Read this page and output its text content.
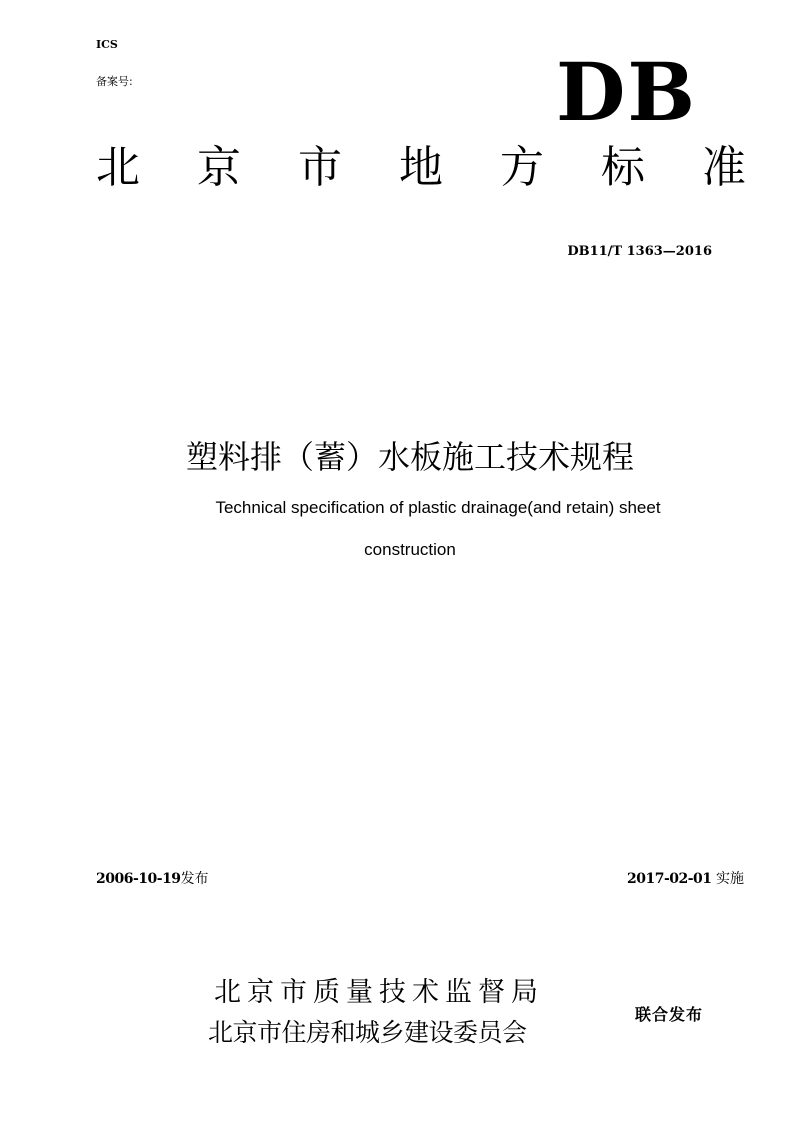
ICS
备案号:	DB
北 京 市 地 方 标 准
DB11/T 1363—2016
塑料排（蓄）水板施工技术规程
Technical specification of plastic drainage(and retain) sheet
construction
2006-10-19发布	2017-02-01 实施
北京市质量技术监督局
北京市住房和城乡建设委员会
联合发布
